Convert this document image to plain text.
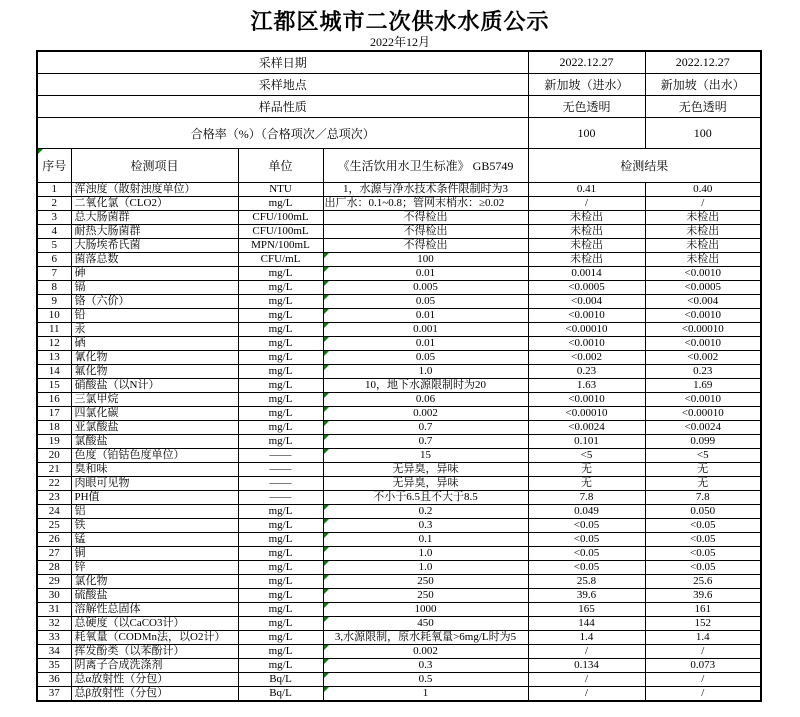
江都区城市二次供水水质公示
2022年12月
采样日期				2022.12.27	2022.12.27
采样地点				新加坡（进水）	新加坡（出水）
样品性质				无色透明	无色透明
合格率（%）（合格项次／总项次）				100	100

序号	检测项目	单位	《生活饮用水卫生标准》 GB5749	检测结果	
1	浑浊度（散射浊度单位）	NTU	1，水源与净水技术条件限制时为3	0.41	0.40
2	二氧化氯（CLO2）	mg/L	出厂水：0.1~0.8；管网末梢水：≥0.02	/	/
3	总大肠菌群	CFU/100mL	不得检出	未检出	未检出
4	耐热大肠菌群	CFU/100mL	不得检出	未检出	未检出
5	大肠埃希氏菌	MPN/100mL	不得检出	未检出	未检出
6	菌落总数	CFU/mL	100	未检出	未检出
7	砷	mg/L	0.01	0.0014	<0.0010
8	镉	mg/L	0.005	<0.0005	<0.0005
9	铬（六价）	mg/L	0.05	<0.004	<0.004
10	铅	mg/L	0.01	<0.0010	<0.0010
11	汞	mg/L	0.001	<0.00010	<0.00010
12	硒	mg/L	0.01	<0.0010	<0.0010
13	氰化物	mg/L	0.05	<0.002	<0.002
14	氟化物	mg/L	1.0	0.23	0.23
15	硝酸盐（以N计）	mg/L	10，地下水源限制时为20	1.63	1.69
16	三氯甲烷	mg/L	0.06	<0.0010	<0.0010
17	四氯化碳	mg/L	0.002	<0.00010	<0.00010
18	亚氯酸盐	mg/L	0.7	<0.0024	<0.0024
19	氯酸盐	mg/L	0.7	0.101	0.099
20	色度（铂钴色度单位）	——	15	<5	<5
21	臭和味	——	无异臭，异味	无	无
22	肉眼可见物	——	无异臭，异味	无	无
23	PH值	——	不小于6.5且不大于8.5	7.8	7.8
24	铝	mg/L	0.2	0.049	0.050
25	铁	mg/L	0.3	<0.05	<0.05
26	锰	mg/L	0.1	<0.05	<0.05
27	铜	mg/L	1.0	<0.05	<0.05
28	锌	mg/L	1.0	<0.05	<0.05
29	氯化物	mg/L	250	25.8	25.6
30	硫酸盐	mg/L	250	39.6	39.6
31	溶解性总固体	mg/L	1000	165	161
32	总硬度（以CaCO3计）	mg/L	450	144	152
33	耗氧量（CODMn法，以O2计）	mg/L	3,水源限制，原水耗氧量>6mg/L时为5	1.4	1.4
34	挥发酚类（以苯酚计）	mg/L	0.002	/	/
35	阴离子合成洗涤剂	mg/L	0.3	0.134	0.073
36	总α放射性（分包）	Bq/L	0.5	/	/
37	总β放射性（分包）	Bq/L	1	/	/
